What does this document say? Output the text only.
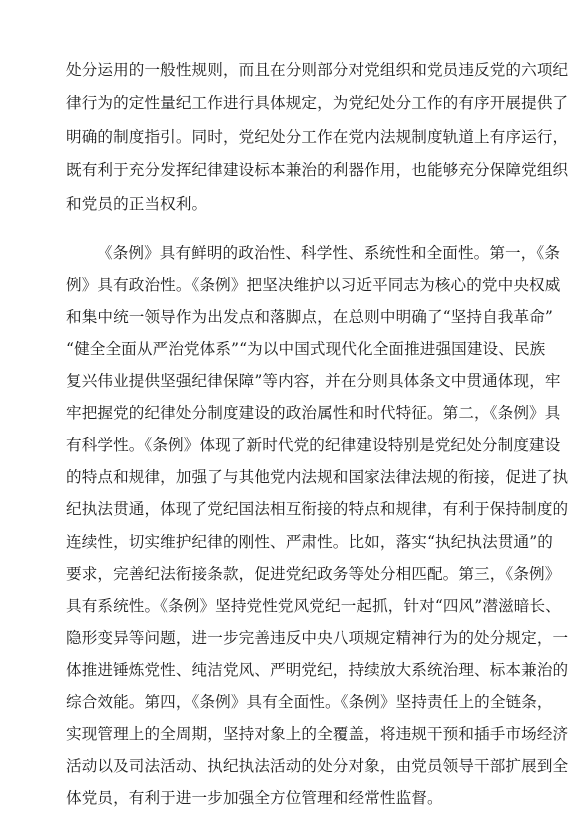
处分运用的一般性规则，而且在分则部分对党组织和党员违反党的六项纪
律行为的定性量纪工作进行具体规定，为党纪处分工作的有序开展提供了
明确的制度指引。同时，党纪处分工作在党内法规制度轨道上有序运行，
既有利于充分发挥纪律建设标本兼治的利器作用，也能够充分保障党组织
和党员的正当权利。
《条例》具有鲜明的政治性、科学性、系统性和全面性。第一，《条
例》具有政治性。《条例》把坚决维护以习近平同志为核心的党中央权威
和集中统一领导作为出发点和落脚点，在总则中明确了“坚持自我革命”
“健全全面从严治党体系”“为以中国式现代化全面推进强国建设、民族
复兴伟业提供坚强纪律保障”等内容，并在分则具体条文中贯通体现，牢
牢把握党的纪律处分制度建设的政治属性和时代特征。第二，《条例》具
有科学性。《条例》体现了新时代党的纪律建设特别是党纪处分制度建设
的特点和规律，加强了与其他党内法规和国家法律法规的衔接，促进了执
纪执法贯通，体现了党纪国法相互衔接的特点和规律，有利于保持制度的
连续性，切实维护纪律的刚性、严肃性。比如，落实“执纪执法贯通”的
要求，完善纪法衔接条款，促进党纪政务等处分相匹配。第三，《条例》
具有系统性。《条例》坚持党性党风党纪一起抓，针对“四风”潜滋暗长、
隐形变异等问题，进一步完善违反中央八项规定精神行为的处分规定，一
体推进锤炼党性、纯洁党风、严明党纪，持续放大系统治理、标本兼治的
综合效能。第四，《条例》具有全面性。《条例》坚持责任上的全链条，
实现管理上的全周期，坚持对象上的全覆盖，将违规干预和插手市场经济
活动以及司法活动、执纪执法活动的处分对象，由党员领导干部扩展到全
体党员，有利于进一步加强全方位管理和经常性监督。
